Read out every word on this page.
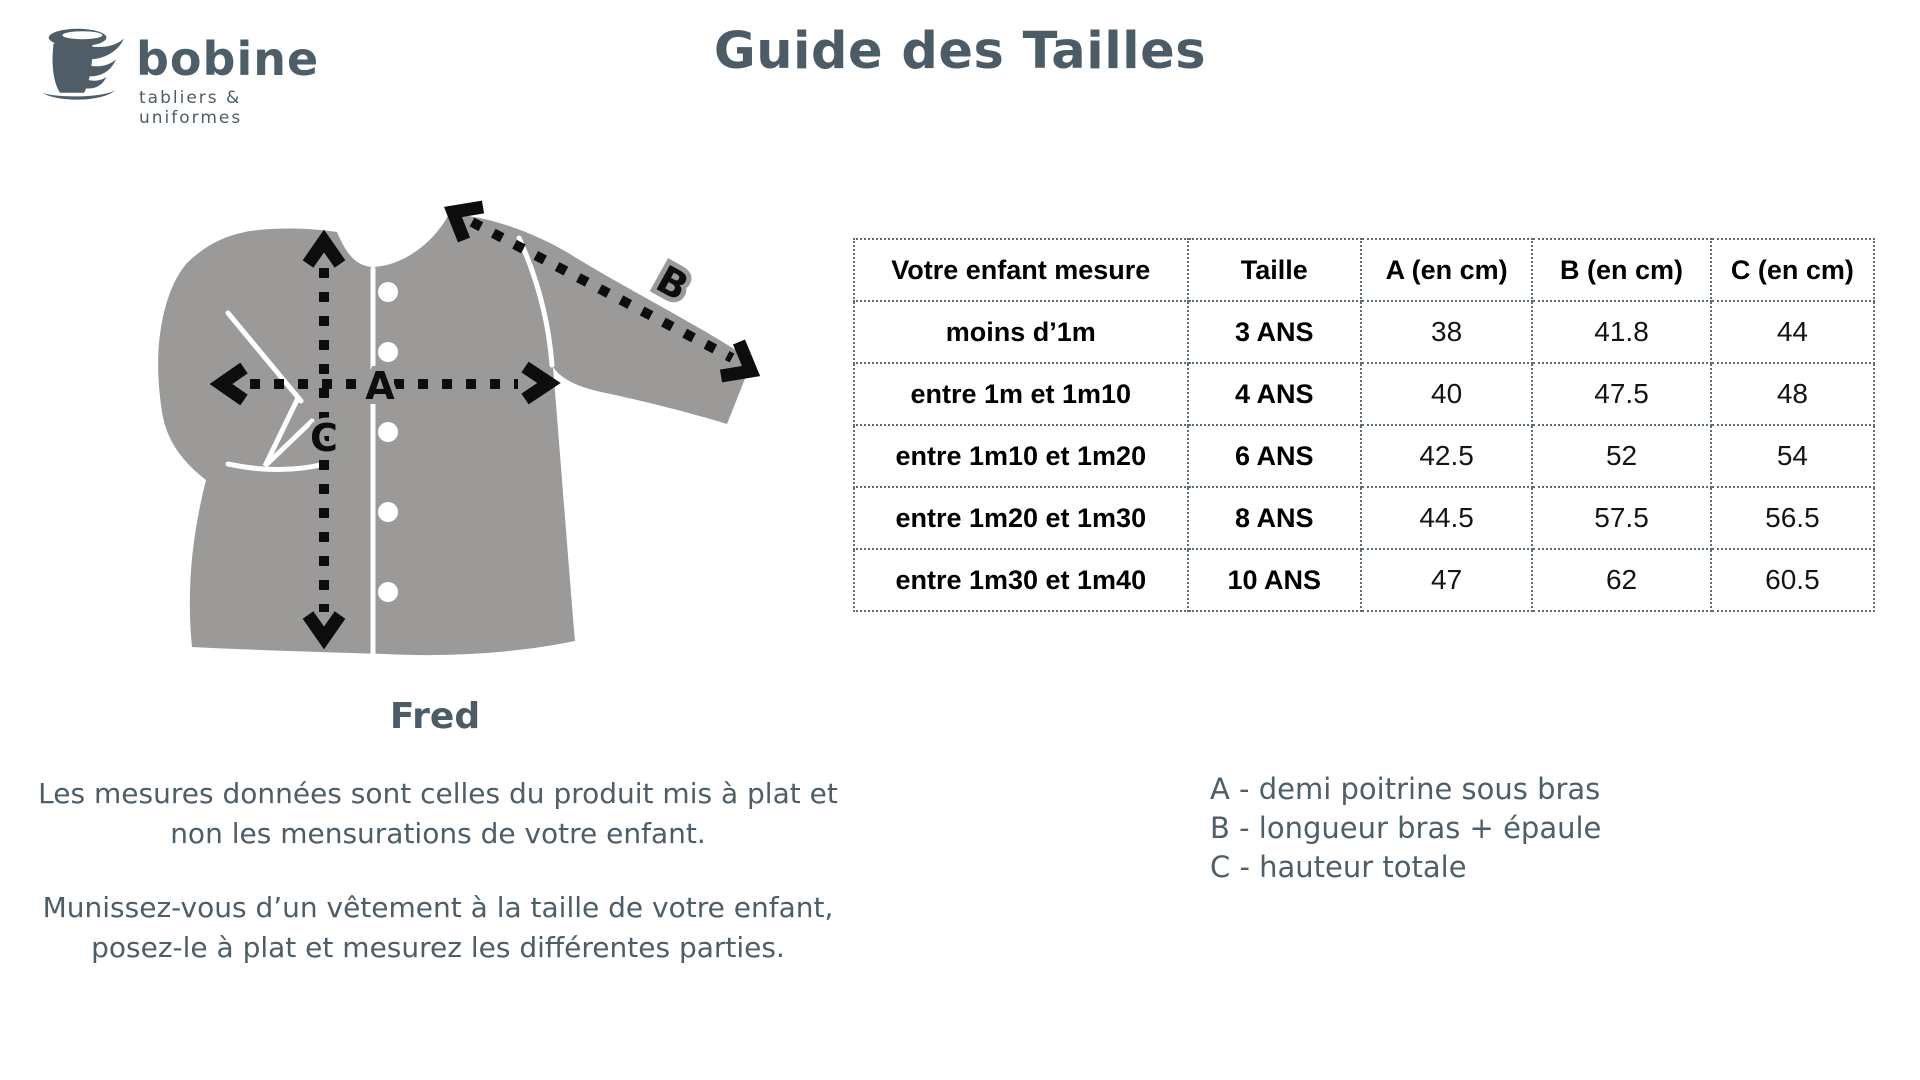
bobine
tabliers & uniformes
Guide des Tailles
A
B
C
Fred
Votre enfant mesure	Taille	A (en cm)	B (en cm)	C (en cm)
moins d’1m	3 ANS	38	41.8	44
entre 1m et 1m10	4 ANS	40	47.5	48
entre 1m10 et 1m20	6 ANS	42.5	52	54
entre 1m20 et 1m30	8 ANS	44.5	57.5	56.5
entre 1m30 et 1m40	10 ANS	47	62	60.5
Les mesures données sont celles du produit mis à plat et
non les mensurations de votre enfant.
Munissez-vous d’un vêtement à la taille de votre enfant,
posez-le à plat et mesurez les différentes parties.
A - demi poitrine sous bras
B - longueur bras + épaule
C - hauteur totale
